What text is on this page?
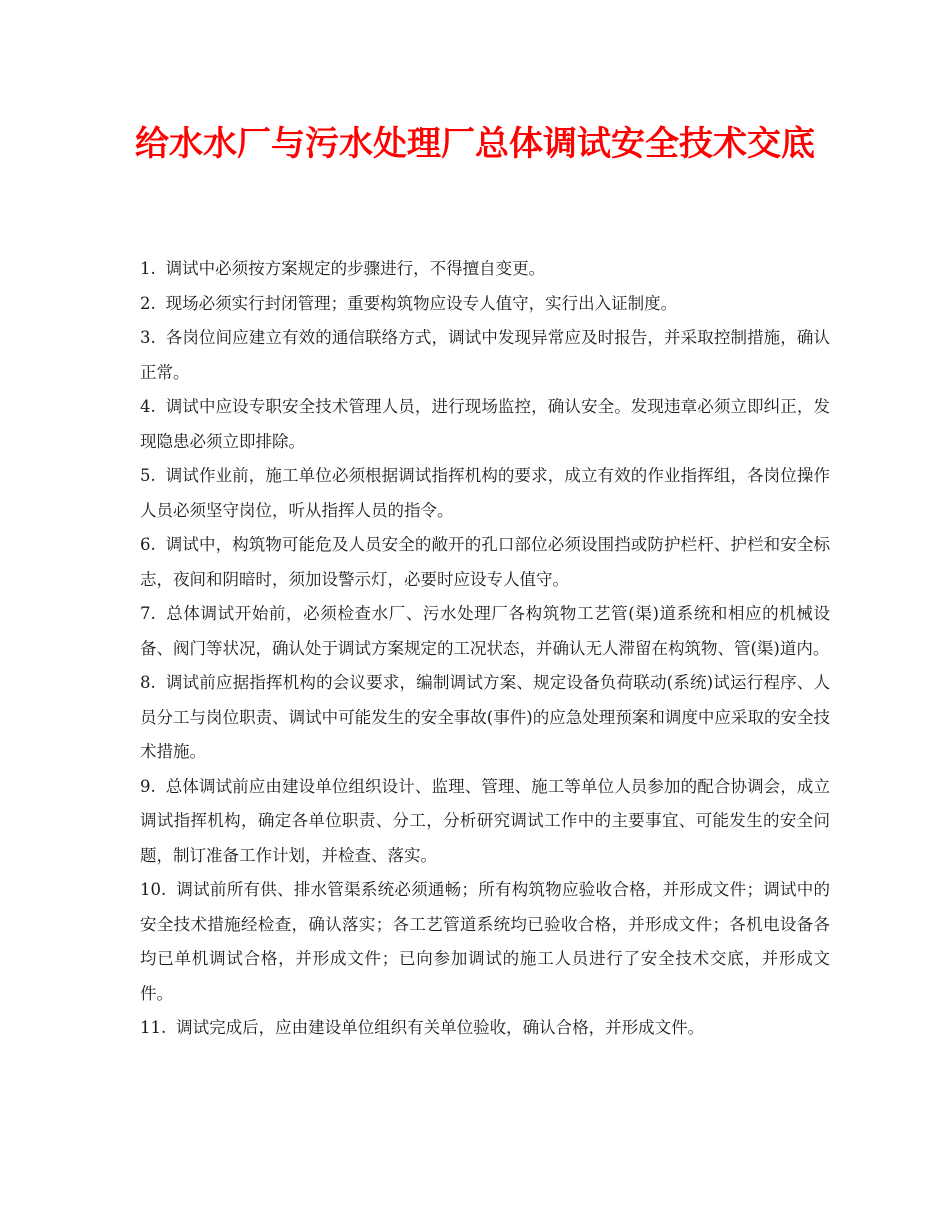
给水水厂与污水处理厂总体调试安全技术交底
1. 调试中必须按方案规定的步骤进行，不得擅自变更。
2. 现场必须实行封闭管理；重要构筑物应设专人值守，实行出入证制度。
3. 各岗位间应建立有效的通信联络方式，调试中发现异常应及时报告，并采取控制措施，确认正常。
4. 调试中应设专职安全技术管理人员，进行现场监控，确认安全。发现违章必须立即纠正，发现隐患必须立即排除。
5. 调试作业前，施工单位必须根据调试指挥机构的要求，成立有效的作业指挥组，各岗位操作人员必须坚守岗位，听从指挥人员的指令。
6. 调试中，构筑物可能危及人员安全的敞开的孔口部位必须设围挡或防护栏杆、护栏和安全标志，夜间和阴暗时，须加设警示灯，必要时应设专人值守。
7. 总体调试开始前，必须检查水厂、污水处理厂各构筑物工艺管(渠)道系统和相应的机械设备、阀门等状况，确认处于调试方案规定的工况状态，并确认无人滞留在构筑物、管(渠)道内。
8. 调试前应据指挥机构的会议要求，编制调试方案、规定设备负荷联动(系统)试运行程序、人员分工与岗位职责、调试中可能发生的安全事故(事件)的应急处理预案和调度中应采取的安全技术措施。
9. 总体调试前应由建设单位组织设计、监理、管理、施工等单位人员参加的配合协调会，成立调试指挥机构，确定各单位职责、分工，分析研究调试工作中的主要事宜、可能发生的安全问题，制订准备工作计划，并检查、落实。
10. 调试前所有供、排水管渠系统必须通畅；所有构筑物应验收合格，并形成文件；调试中的安全技术措施经检查，确认落实；各工艺管道系统均已验收合格，并形成文件；各机电设备各均已单机调试合格，并形成文件；已向参加调试的施工人员进行了安全技术交底，并形成文件。
11. 调试完成后，应由建设单位组织有关单位验收，确认合格，并形成文件。
